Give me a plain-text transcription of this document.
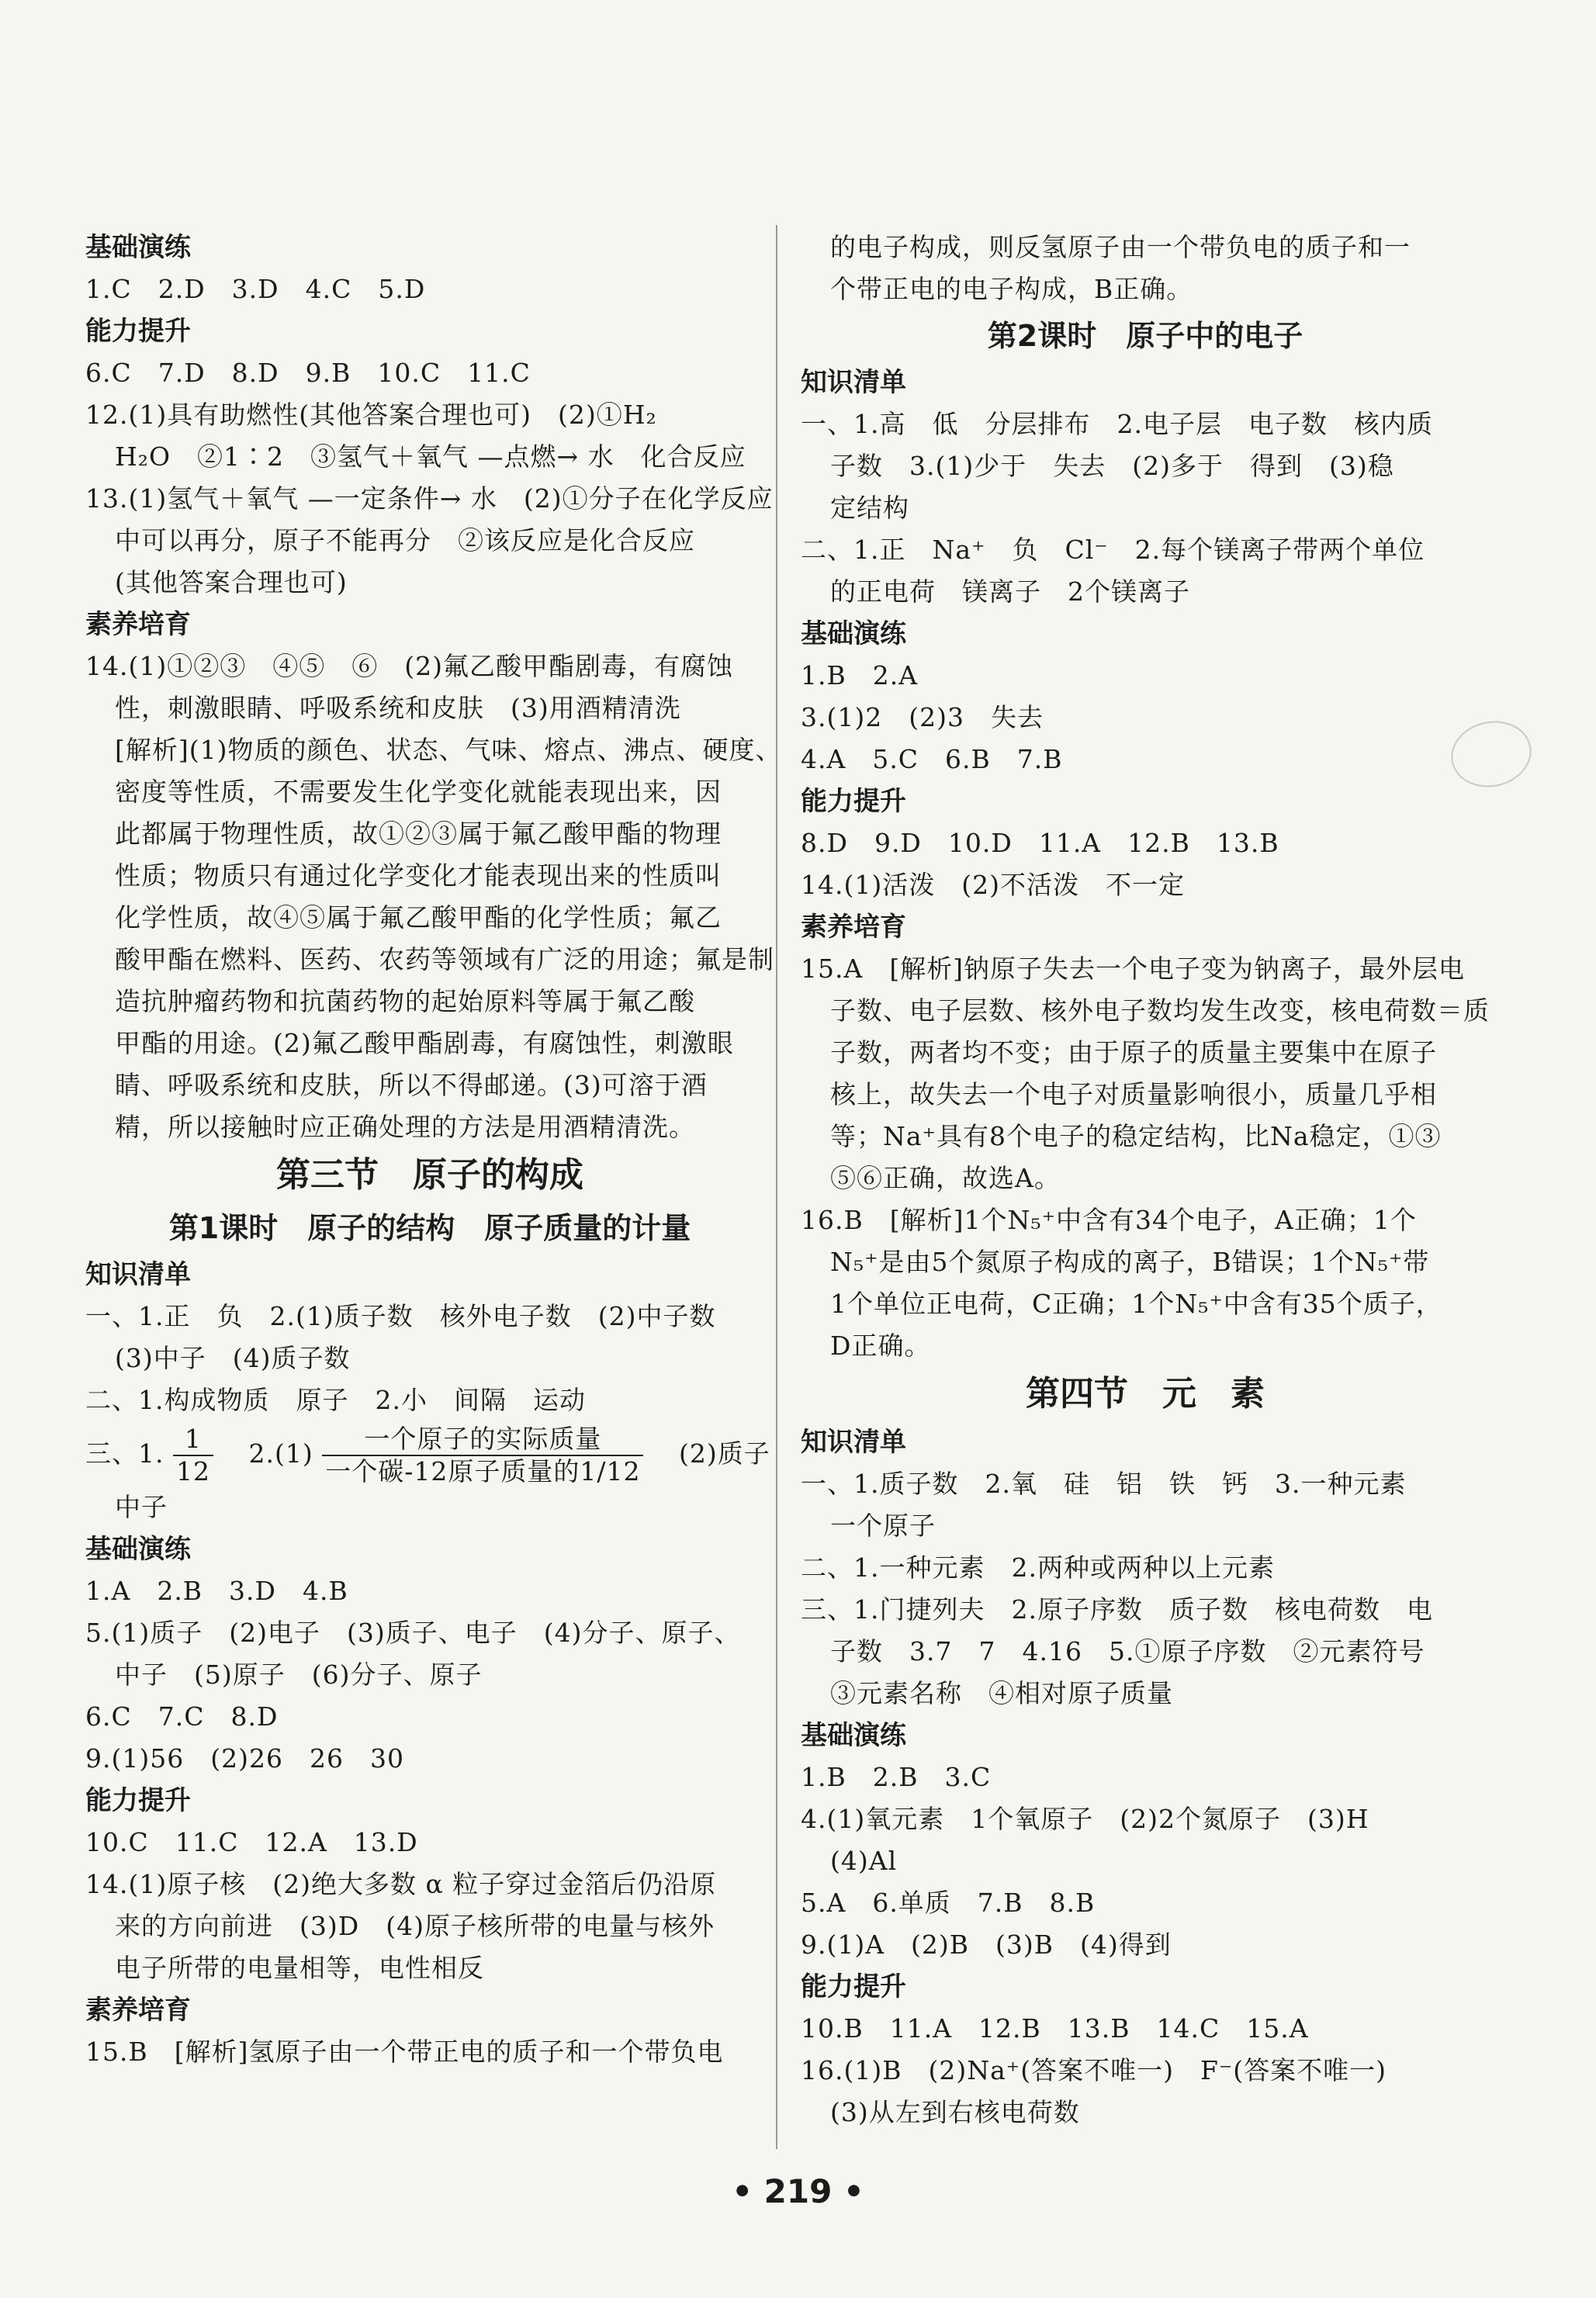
基础演练

1.C　2.D　3.D　4.C　5.D

能力提升

6.C　7.D　8.D　9.B　10.C　11.C

12.(1)具有助燃性(其他答案合理也可)　(2)①H₂

H₂O　②1∶2　③氢气＋氧气 —点燃→ 水　化合反应

13.(1)氢气＋氧气 —一定条件→ 水　(2)①分子在化学反应

中可以再分，原子不能再分　②该反应是化合反应

(其他答案合理也可)

素养培育

14.(1)①②③　④⑤　⑥　(2)氟乙酸甲酯剧毒，有腐蚀

性，刺激眼睛、呼吸系统和皮肤　(3)用酒精清洗

[解析](1)物质的颜色、状态、气味、熔点、沸点、硬度、

密度等性质，不需要发生化学变化就能表现出来，因

此都属于物理性质，故①②③属于氟乙酸甲酯的物理

性质；物质只有通过化学变化才能表现出来的性质叫

化学性质，故④⑤属于氟乙酸甲酯的化学性质；氟乙

酸甲酯在燃料、医药、农药等领域有广泛的用途；氟是制

造抗肿瘤药物和抗菌药物的起始原料等属于氟乙酸

甲酯的用途。(2)氟乙酸甲酯剧毒，有腐蚀性，刺激眼

睛、呼吸系统和皮肤，所以不得邮递。(3)可溶于酒

精，所以接触时应正确处理的方法是用酒精清洗。

第三节　原子的构成

第1课时　原子的结构　原子质量的计量

知识清单

一、1.正　负　2.(1)质子数　核外电子数　(2)中子数

(3)中子　(4)质子数

二、1.构成物质　原子　2.小　间隔　运动

三、1. $\frac{1}{12}$ 　$2.(1) \frac{\text{一个原子的实际质量}}{\text{一个碳-12原子质量的1/12}}$ 　(2)质子

中子

基础演练

1.A　2.B　3.D　4.B

5.(1)质子　(2)电子　(3)质子、电子　(4)分子、原子、

中子　(5)原子　(6)分子、原子

6.C　7.C　8.D

9.(1)56　(2)26　26　30

能力提升

10.C　11.C　12.A　13.D

14.(1)原子核　(2)绝大多数 α 粒子穿过金箔后仍沿原

来的方向前进　(3)D　(4)原子核所带的电量与核外

电子所带的电量相等，电性相反

素养培育

15.B　[解析]氢原子由一个带正电的质子和一个带负电

的电子构成，则反氢原子由一个带负电的质子和一

个带正电的电子构成，B正确。

第2课时　原子中的电子

知识清单

一、1.高　低　分层排布　2.电子层　电子数　核内质

子数　3.(1)少于　失去　(2)多于　得到　(3)稳

定结构

二、1.正　Na⁺　负　Cl⁻　2.每个镁离子带两个单位

的正电荷　镁离子　2个镁离子

基础演练

1.B　2.A

3.(1)2　(2)3　失去

4.A　5.C　6.B　7.B

能力提升

8.D　9.D　10.D　11.A　12.B　13.B

14.(1)活泼　(2)不活泼　不一定

素养培育

15.A　[解析]钠原子失去一个电子变为钠离子，最外层电

子数、电子层数、核外电子数均发生改变，核电荷数＝质

子数，两者均不变；由于原子的质量主要集中在原子

核上，故失去一个电子对质量影响很小，质量几乎相

等；Na⁺具有8个电子的稳定结构，比Na稳定，①③

⑤⑥正确，故选A。

16.B　[解析]1个N₅⁺中含有34个电子，A正确；1个

N₅⁺是由5个氮原子构成的离子，B错误；1个N₅⁺带

1个单位正电荷，C正确；1个N₅⁺中含有35个质子，

D正确。

第四节　元　素

知识清单

一、1.质子数　2.氧　硅　铝　铁　钙　3.一种元素

一个原子

二、1.一种元素　2.两种或两种以上元素

三、1.门捷列夫　2.原子序数　质子数　核电荷数　电

子数　3.7　7　4.16　5.①原子序数　②元素符号

③元素名称　④相对原子质量

基础演练

1.B　2.B　3.C

4.(1)氧元素　1个氧原子　(2)2个氮原子　(3)H

(4)Al

5.A　6.单质　7.B　8.B

9.(1)A　(2)B　(3)B　(4)得到

能力提升

10.B　11.A　12.B　13.B　14.C　15.A

16.(1)B　(2)Na⁺(答案不唯一)　F⁻(答案不唯一)

(3)从左到右核电荷数

• 219 •
